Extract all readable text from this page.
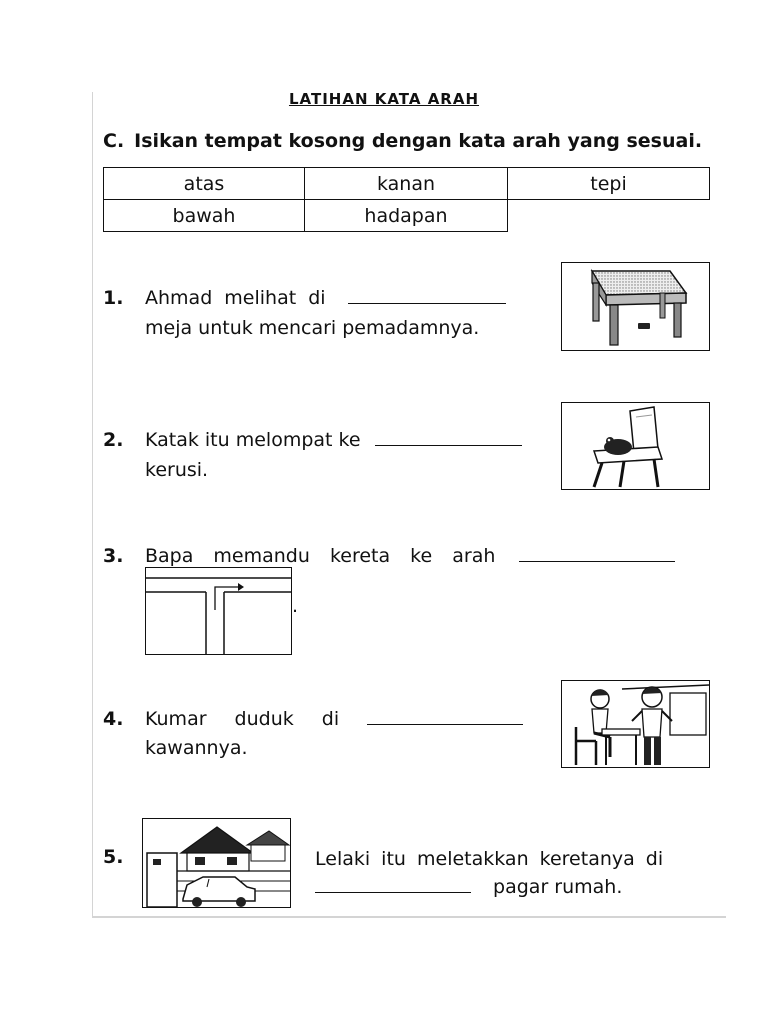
LATIHAN KATA ARAH
C. Isikan tempat kosong dengan kata arah yang sesuai.
atas	kanan	tepi
bawah	hadapan	
1. Ahmad melihat di
meja untuk mencari pemadamnya.
2. Katak itu melompat ke
kerusi.
3. Bapa memandu kereta ke arah
.
4. Kumar duduk di
kawannya.
5.	Lelaki itu meletakkan keretanya di
pagar rumah.
